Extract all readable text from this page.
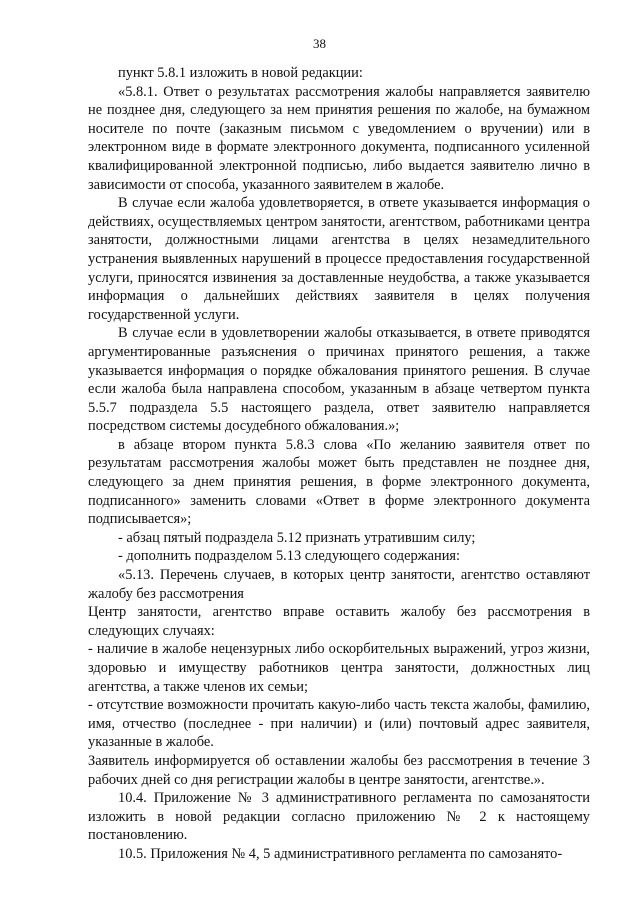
38

пункт 5.8.1 изложить в новой редакции:

«5.8.1. Ответ о результатах рассмотрения жалобы направляется заявителю не позднее дня, следующего за нем принятия решения по жалобе, на бумажном носителе по почте (заказным письмом с уведомлением о вручении) или в электронном виде в формате электронного документа, подписанного усиленной квалифицированной электронной подписью, либо выдается заявителю лично в зависимости от способа, указанного заявителем в жалобе.

В случае если жалоба удовлетворяется, в ответе указывается информация о действиях, осуществляемых центром занятости, агентством, работниками центра занятости, должностными лицами агентства в целях незамедлительного устранения выявленных нарушений в процессе предоставления государственной услуги, приносятся извинения за доставленные неудобства, а также указывается информация о дальнейших действиях заявителя в целях получения государственной услуги.

В случае если в удовлетворении жалобы отказывается, в ответе приводятся аргументированные разъяснения о причинах принятого решения, а также указывается информация о порядке обжалования принятого решения. В случае если жалоба была направлена способом, указанным в абзаце четвертом пункта 5.5.7 подраздела 5.5 настоящего раздела, ответ заявителю направляется посредством системы досудебного обжалования.»;

в абзаце втором пункта 5.8.3 слова «По желанию заявителя ответ по результатам рассмотрения жалобы может быть представлен не позднее дня, следующего за днем принятия решения, в форме электронного документа, подписанного» заменить словами «Ответ в форме электронного документа подписывается»;

- абзац пятый подраздела 5.12 признать утратившим силу;

- дополнить подразделом 5.13 следующего содержания:

«5.13. Перечень случаев, в которых центр занятости, агентство оставляют жалобу без рассмотрения

Центр занятости, агентство вправе оставить жалобу без рассмотрения в следующих случаях:

- наличие в жалобе нецензурных либо оскорбительных выражений, угроз жизни, здоровью и имуществу работников центра занятости, должностных лиц агентства, а также членов их семьи;

- отсутствие возможности прочитать какую-либо часть текста жалобы, фамилию, имя, отчество (последнее - при наличии) и (или) почтовый адрес заявителя, указанные в жалобе.

Заявитель информируется об оставлении жалобы без рассмотрения в течение 3 рабочих дней со дня регистрации жалобы в центре занятости, агентстве.».

10.4. Приложение № 3 административного регламента по самозанятости изложить в новой редакции согласно приложению № 2 к настоящему постановлению.

10.5. Приложения № 4, 5 административного регламента по самозанято-
